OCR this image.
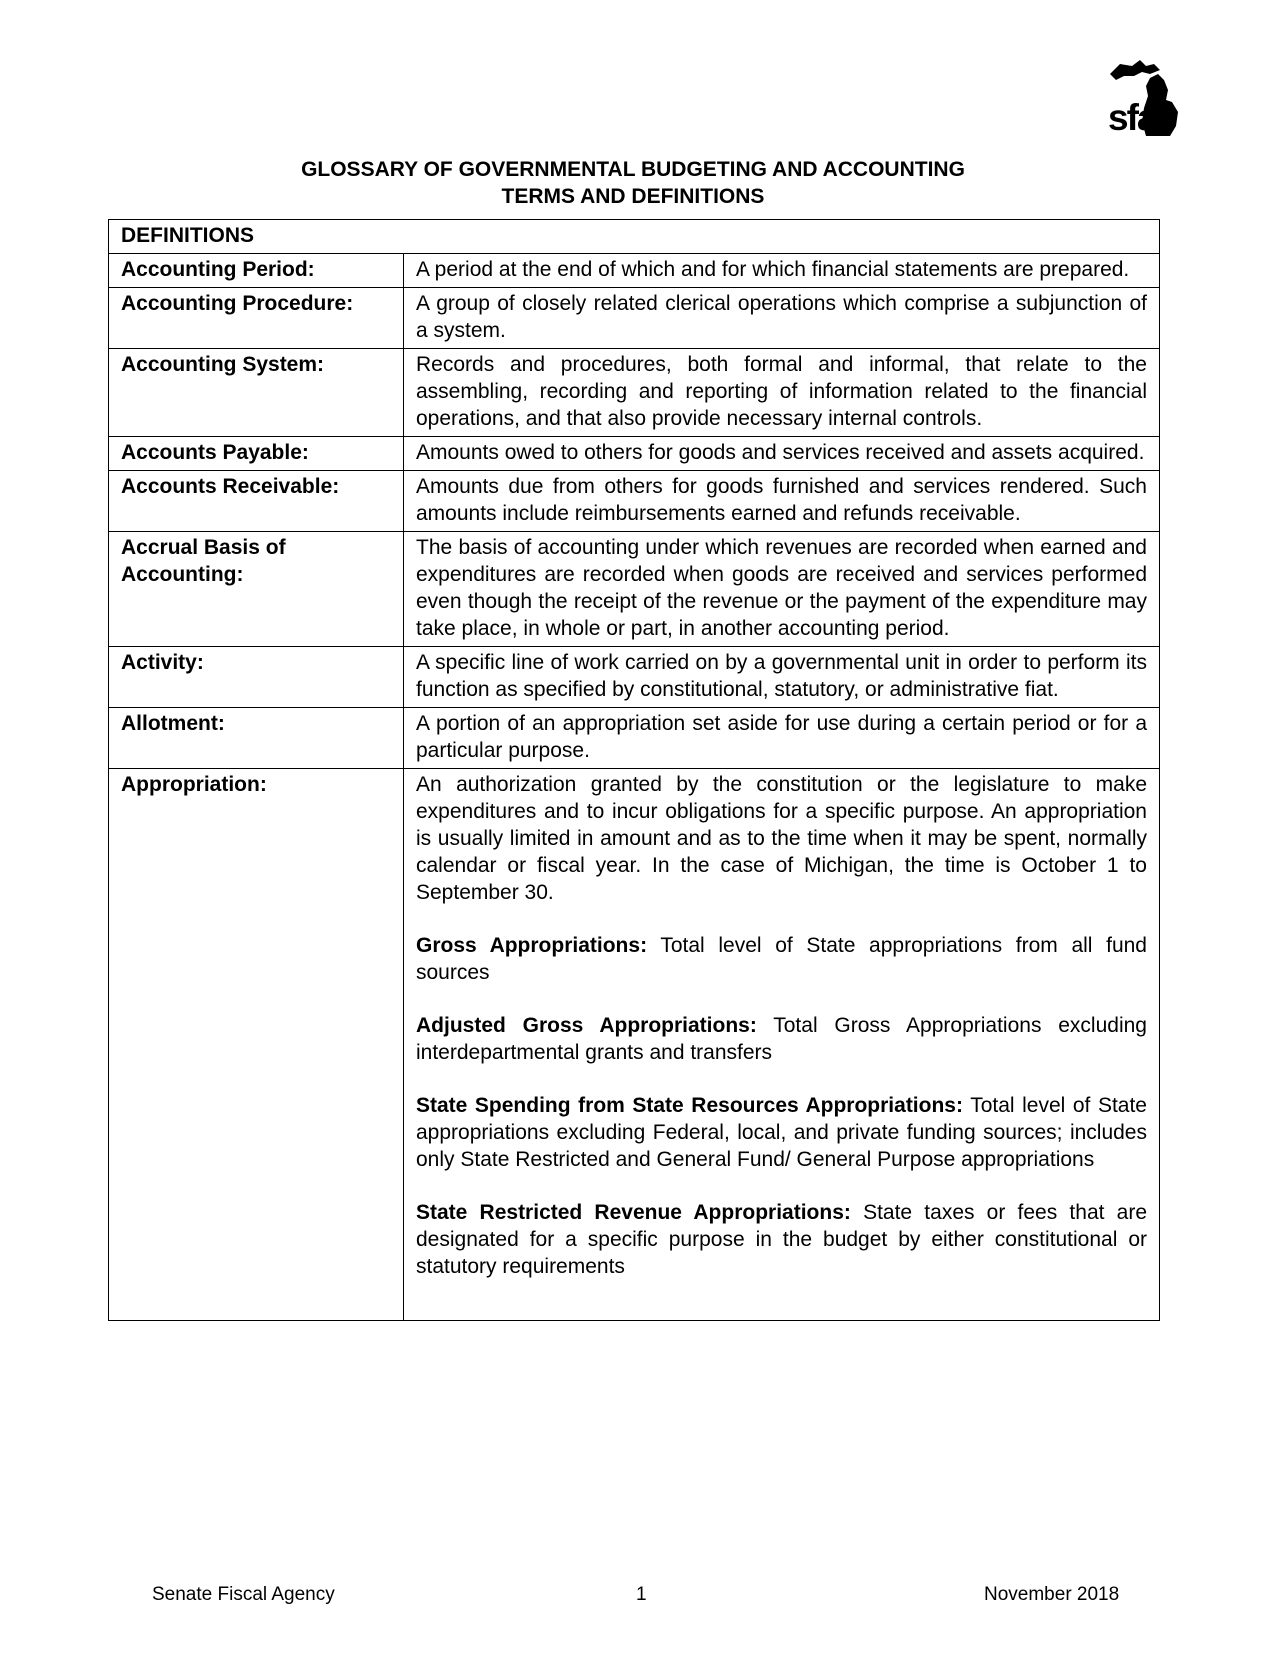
sfa
GLOSSARY OF GOVERNMENTAL BUDGETING AND ACCOUNTING
TERMS AND DEFINITIONS
DEFINITIONS	
Accounting Period:	A period at the end of which and for which financial statements are prepared.
Accounting Procedure:	A group of closely related clerical operations which comprise a subjunction of a system.
Accounting System:	Records and procedures, both formal and informal, that relate to the assembling, recording and reporting of information related to the financial operations, and that also provide necessary internal controls.
Accounts Payable:	Amounts owed to others for goods and services received and assets acquired.
Accounts Receivable:	Amounts due from others for goods furnished and services rendered. Such amounts include reimbursements earned and refunds receivable.
Accrual Basis of Accounting:	The basis of accounting under which revenues are recorded when earned and expenditures are recorded when goods are received and services performed even though the receipt of the revenue or the payment of the expenditure may take place, in whole or part, in another accounting period.
Activity:	A specific line of work carried on by a governmental unit in order to perform its function as specified by constitutional, statutory, or administrative fiat.
Allotment:	A portion of an appropriation set aside for use during a certain period or for a particular purpose.
Appropriation:	An authorization granted by the constitution or the legislature to make expenditures and to incur obligations for a specific purpose. An appropriation is usually limited in amount and as to the time when it may be spent, normally calendar or fiscal year. In the case of Michigan, the time is October 1 to September 30.
Gross Appropriations: Total level of State appropriations from all fund sources
Adjusted Gross Appropriations: Total Gross Appropriations excluding interdepartmental grants and transfers
State Spending from State Resources Appropriations: Total level of State appropriations excluding Federal, local, and private funding sources; includes only State Restricted and General Fund/ General Purpose appropriations
State Restricted Revenue Appropriations: State taxes or fees that are designated for a specific purpose in the budget by either constitutional or statutory requirements
Senate Fiscal Agency	1	November 2018
